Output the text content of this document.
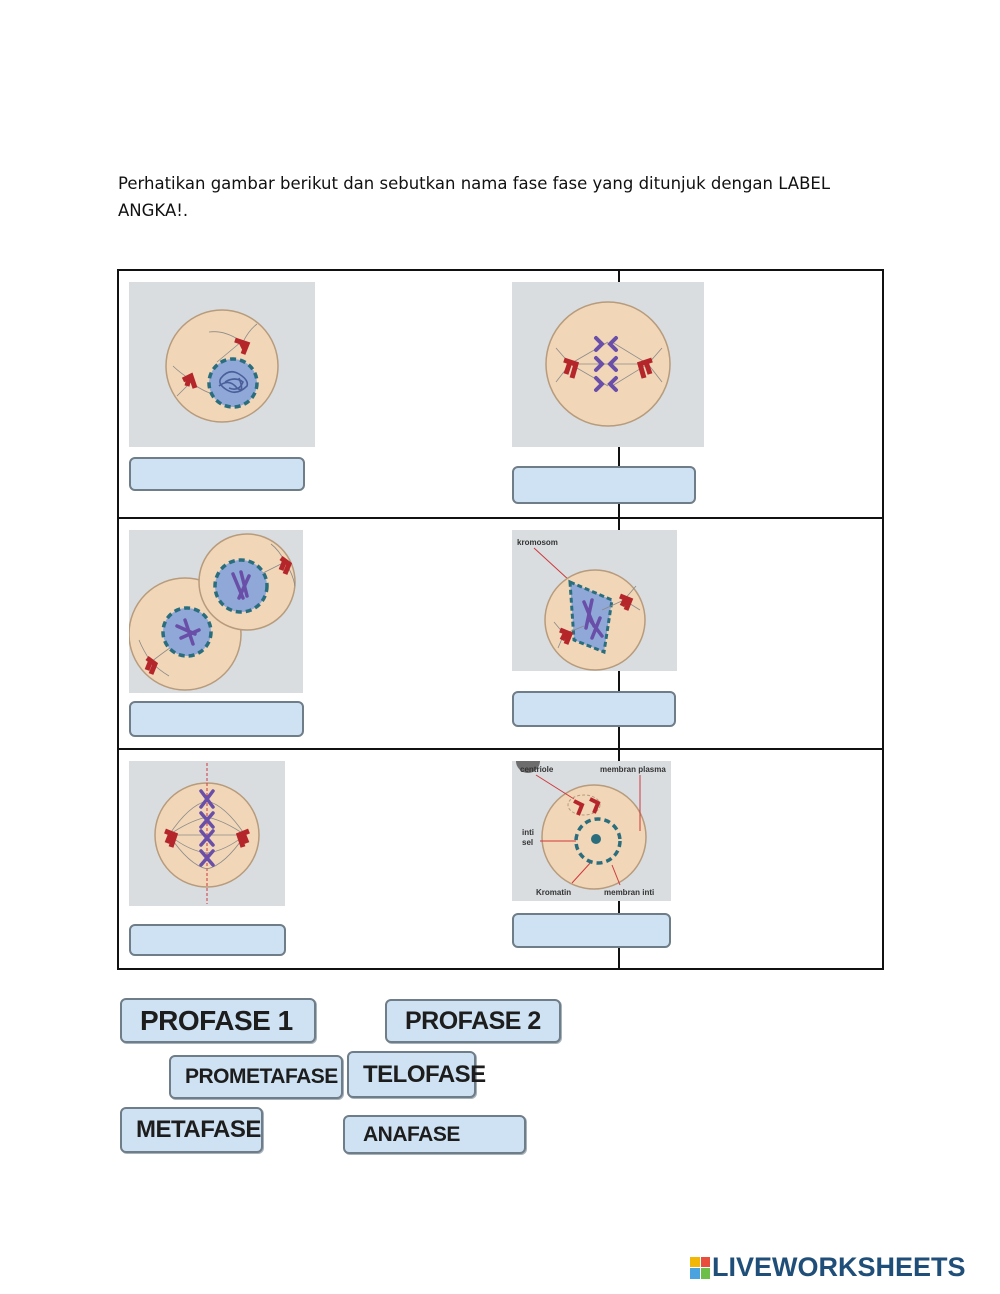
Perhatikan gambar berikut dan sebutkan nama fase fase yang ditunjuk dengan LABEL
ANGKA!.
kromosom
centriole	membran plasma
inti
sel
Kromatin	membran inti
PROFASE 1	PROFASE 2
PROMETAFASE	TELOFASE
METAFASE	ANAFASE
LIVEWORKSHEETS
